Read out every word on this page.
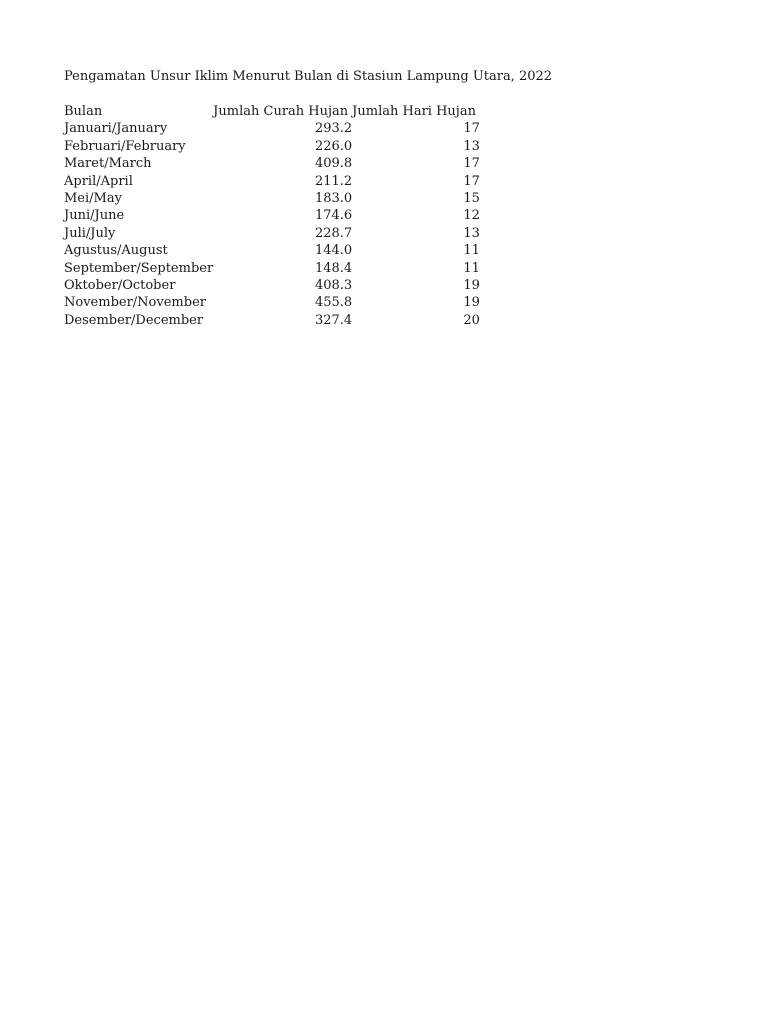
Pengamatan Unsur Iklim Menurut Bulan di Stasiun Lampung Utara, 2022
Bulan	Jumlah Curah Hujan	Jumlah Hari Hujan
Januari/January	293.2	17
Februari/February	226.0	13
Maret/March	409.8	17
April/April	211.2	17
Mei/May	183.0	15
Juni/June	174.6	12
Juli/July	228.7	13
Agustus/August	144.0	11
September/September	148.4	11
Oktober/October	408.3	19
November/November	455.8	19
Desember/December	327.4	20
